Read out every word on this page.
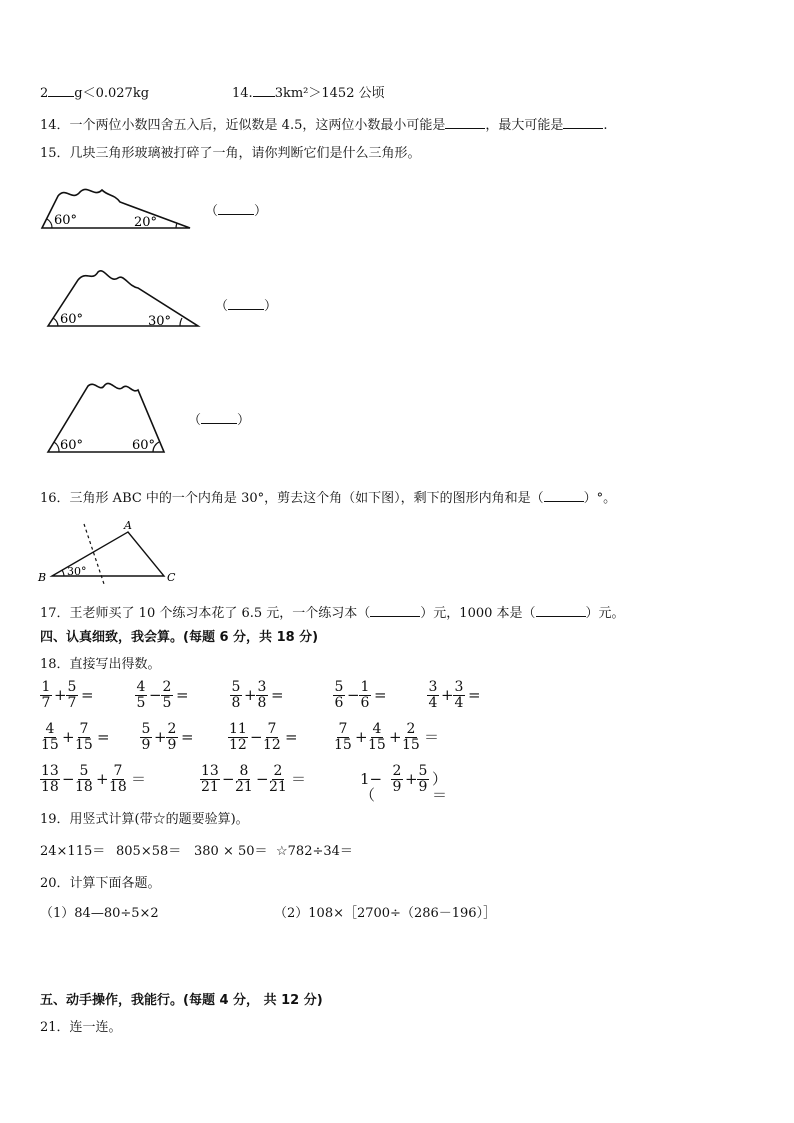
2 g＜0.027kg	14. 3km²＞1452 公顷
14．一个两位小数四舍五入后，近似数是 4.5，这两位小数最小可能是	，最大可能是	.
15．几块三角形玻璃被打碎了一角，请你判断它们是什么三角形。
60°	20°
（	）
60°	30°
（	）
60°	60°
（	）
16．三角形 ABC 中的一个内角是 30°，剪去这个角（如下图），剩下的图形内角和是（	）°。
A
B	C
30°
17．王老师买了 10 个练习本花了 6.5 元，一个练习本（	）元，1000 本是（	）元。
四、认真细致，我会算。(每题 6 分，共 18 分)
18．直接写出得数。
$\frac{1}{7} + \frac{5}{7}$ =	$\frac{4}{5} - \frac{2}{5}$ =	$\frac{5}{8} + \frac{3}{8}$ =	$\frac{5}{6} - \frac{1}{6}$ =	$\frac{3}{4} + \frac{3}{4}$ =
$\frac{4}{15} + \frac{7}{15} = \frac{5}{9} + \frac{2}{9} = \frac{11}{12} - \frac{7}{12}$ =	$\frac{7}{15} + \frac{4}{15} + \frac{2}{15}$ ＝
$\frac{13}{18} - \frac{5}{18} + \frac{7}{18}$ ＝	$\frac{13}{21} - \frac{8}{21} - \frac{2}{21}$ ＝	1−（	$\frac{2}{9} + \frac{5}{9}$ ）＝
19．用竖式计算(带☆的题要验算)。
24×115＝ 805×58＝ 380 × 50＝ ☆782÷34＝
20．计算下面各题。
（1）84—80÷5×2	（2）108×［2700÷（286－196）］
五、动手操作，我能行。(每题 4 分， 共 12 分)
21．连一连。
